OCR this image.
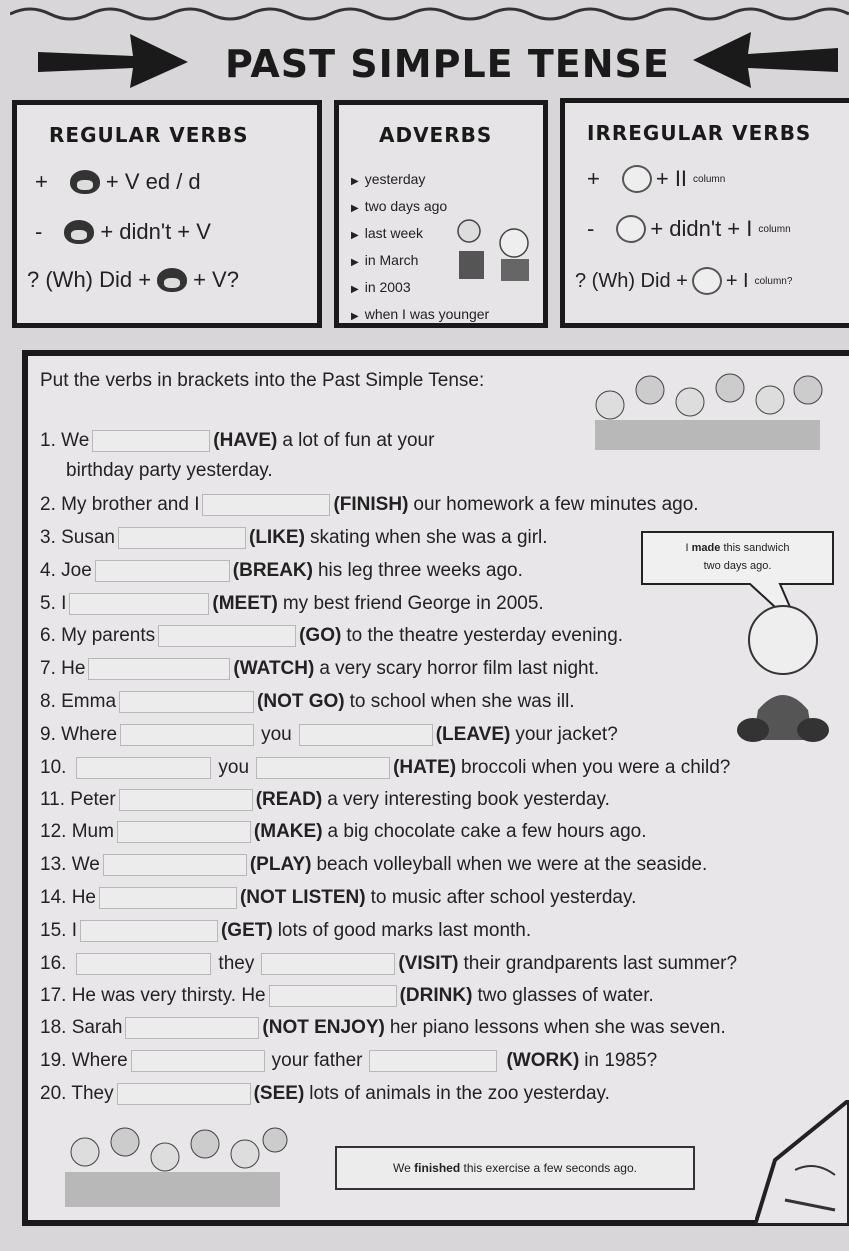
PAST SIMPLE TENSE
REGULAR VERBS
+	+ V ed / d
-	+ didn't + V
? (Wh) Did + + V?
ADVERBS
▶ yesterday
▶ two days ago
▶ last week
▶ in March
▶ in 2003
▶ when I was younger
IRREGULAR VERBS
+	+ II column
-	+ didn't + I column
? (Wh) Did + + I column?
Put the verbs in brackets into the Past Simple Tense:
1. We	(HAVE) a lot of fun at your
birthday party yesterday.
2. My brother and I	(FINISH) our homework a few minutes ago.
3. Susan	(LIKE) skating when she was a girl.
4. Joe	(BREAK) his leg three weeks ago.
5. I	(MEET) my best friend George in 2005.
6. My parents	(GO) to the theatre yesterday evening.
7. He	(WATCH) a very scary horror film last night.
8. Emma	(NOT GO) to school when she was ill.
9. Where	you	(LEAVE) your jacket?
10.	you	(HATE) broccoli when you were a child?
11. Peter	(READ) a very interesting book yesterday.
12. Mum	(MAKE) a big chocolate cake a few hours ago.
13. We	(PLAY) beach volleyball when we were at the seaside.
14. He	(NOT LISTEN) to music after school yesterday.
15. I	(GET) lots of good marks last month.
16.	they	(VISIT) their grandparents last summer?
17. He was very thirsty. He	(DRINK) two glasses of water.
18. Sarah	(NOT ENJOY) her piano lessons when she was seven.
19. Where	your father	(WORK) in 1985?
20. They	(SEE) lots of animals in the zoo yesterday.
I made this sandwich
two days ago.
We
finished
this exercise a few seconds ago.
